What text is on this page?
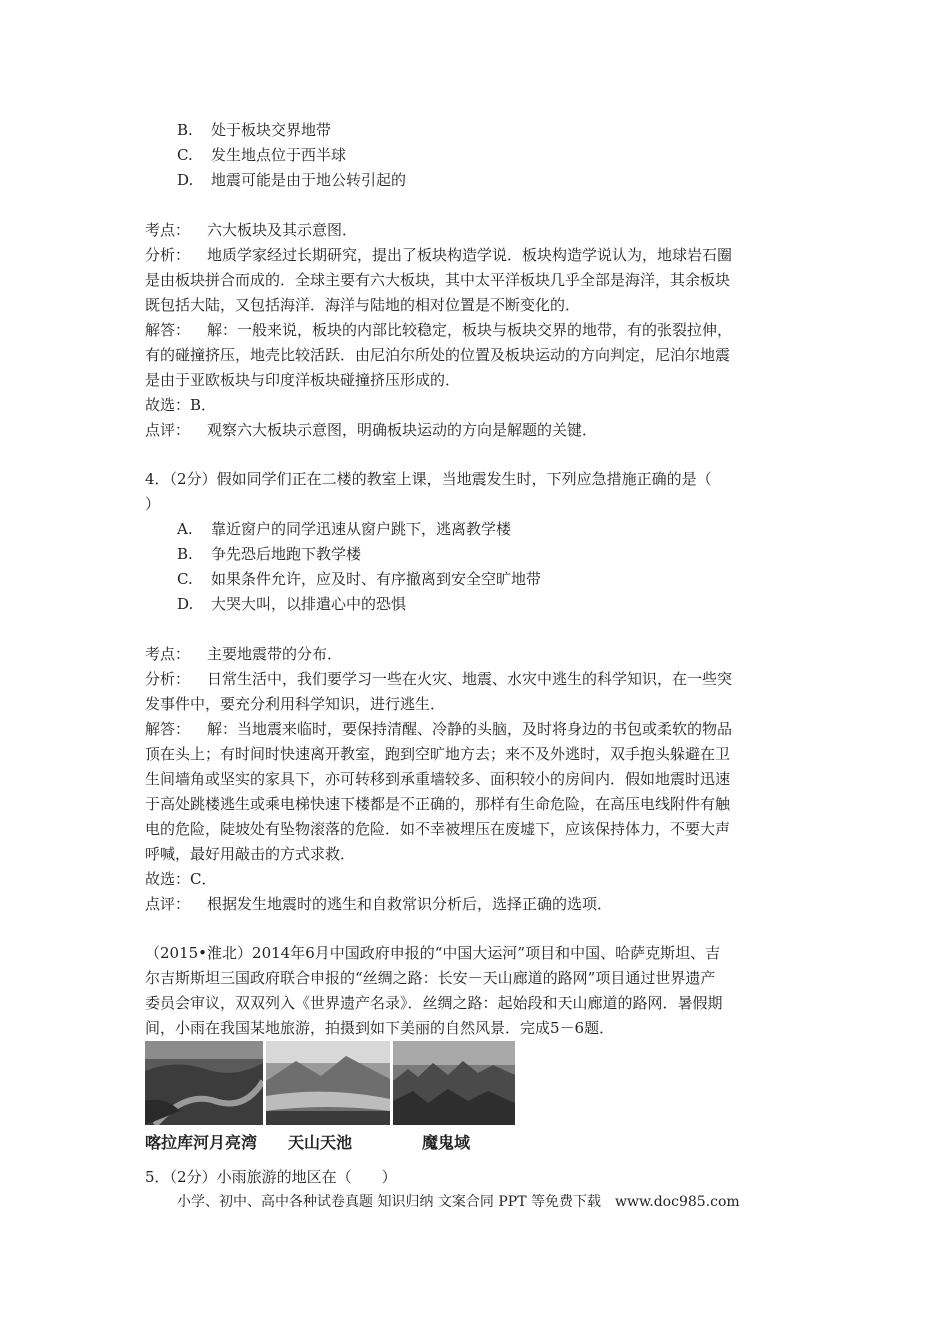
B. 处于板块交界地带
C. 发生地点位于西半球
D. 地震可能是由于地公转引起的
考点： 六大板块及其示意图．
分析： 地质学家经过长期研究，提出了板块构造学说．板块构造学说认为，地球岩石圈
是由板块拼合而成的．全球主要有六大板块，其中太平洋板块几乎全部是海洋，其余板块
既包括大陆，又包括海洋．海洋与陆地的相对位置是不断变化的．
解答： 解：一般来说，板块的内部比较稳定，板块与板块交界的地带，有的张裂拉伸，
有的碰撞挤压，地壳比较活跃．由尼泊尔所处的位置及板块运动的方向判定，尼泊尔地震
是由于亚欧板块与印度洋板块碰撞挤压形成的．
故选：B．
点评： 观察六大板块示意图，明确板块运动的方向是解题的关键．
4．（2分）假如同学们正在二楼的教室上课，当地震发生时，下列应急措施正确的是（
）
A. 靠近窗户的同学迅速从窗户跳下，逃离教学楼
B. 争先恐后地跑下教学楼
C. 如果条件允许，应及时、有序撤离到安全空旷地带
D. 大哭大叫，以排遣心中的恐惧
考点： 主要地震带的分布．
分析： 日常生活中，我们要学习一些在火灾、地震、水灾中逃生的科学知识，在一些突
发事件中，要充分利用科学知识，进行逃生．
解答： 解：当地震来临时，要保持清醒、冷静的头脑，及时将身边的书包或柔软的物品
顶在头上；有时间时快速离开教室，跑到空旷地方去；来不及外逃时，双手抱头躲避在卫
生间墙角或坚实的家具下，亦可转移到承重墙较多、面积较小的房间内．假如地震时迅速
于高处跳楼逃生或乘电梯快速下楼都是不正确的，那样有生命危险，在高压电线附件有触
电的危险，陡坡处有坠物滚落的危险．如不幸被埋压在废墟下，应该保持体力，不要大声
呼喊，最好用敲击的方式求救．
故选：C．
点评： 根据发生地震时的逃生和自救常识分析后，选择正确的选项．
（2015•淮北）2014年6月中国政府申报的“中国大运河”项目和中国、哈萨克斯坦、吉
尔吉斯斯坦三国政府联合申报的“丝绸之路：长安－天山廊道的路网”项目通过世界遗产
委员会审议，双双列入《世界遗产名录》．丝绸之路：起始段和天山廊道的路网．暑假期
间，小雨在我国某地旅游，拍摄到如下美丽的自然风景．完成5－6题．
喀拉库河月亮湾 天山天池	魔鬼域
5．（2分）小雨旅游的地区在（　　）
小学、初中、高中各种试卷真题 知识归纳 文案合同 PPT 等免费下载　www.doc985.com
